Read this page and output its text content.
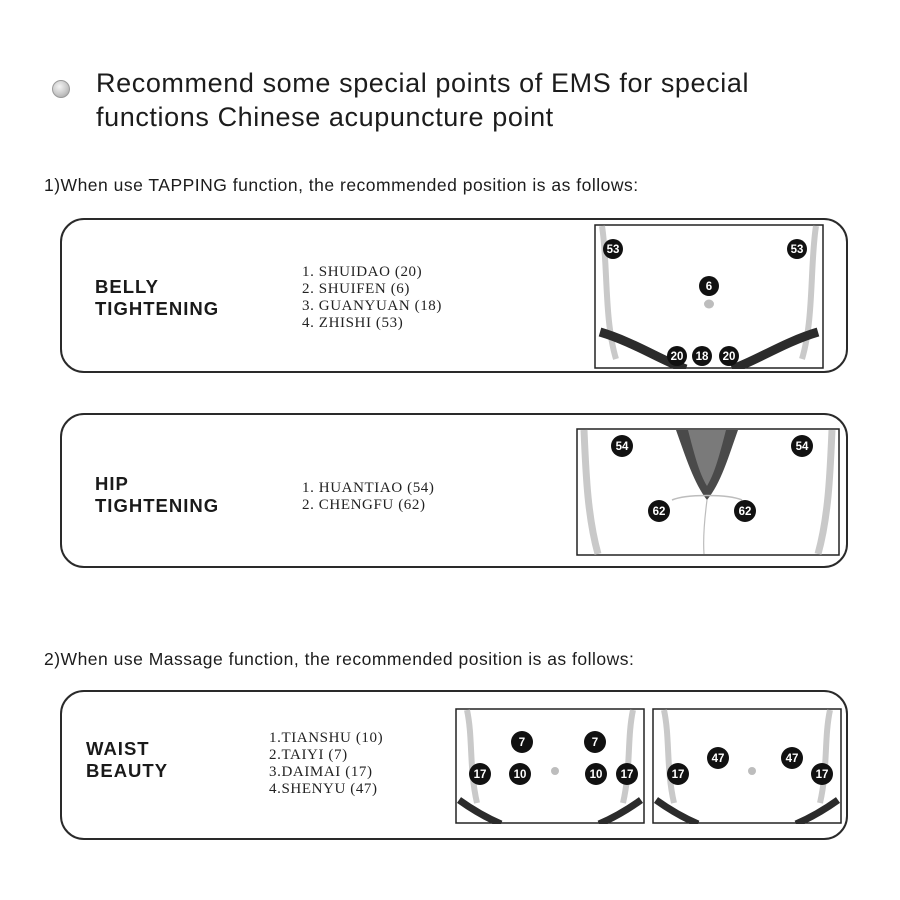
Recommend some special points of EMS for special
functions Chinese acupuncture point
1)When use TAPPING function, the recommended position is as follows:
BELLY
TIGHTENING
1. SHUIDAO (20)
2. SHUIFEN (6)
3. GUANYUAN (18)
4. ZHISHI (53)
53	53
6
20 18 20
HIP
TIGHTENING
1. HUANTIAO (54)
2. CHENGFU (62)
54	54
62	62
2)When use Massage function, the recommended position is as follows:
WAIST
BEAUTY
1.TIANSHU (10)
2.TAIYI (7)
3.DAIMAI (17)
4.SHENYU (47)
7	7
17 10	10 17
47	47
17	17
